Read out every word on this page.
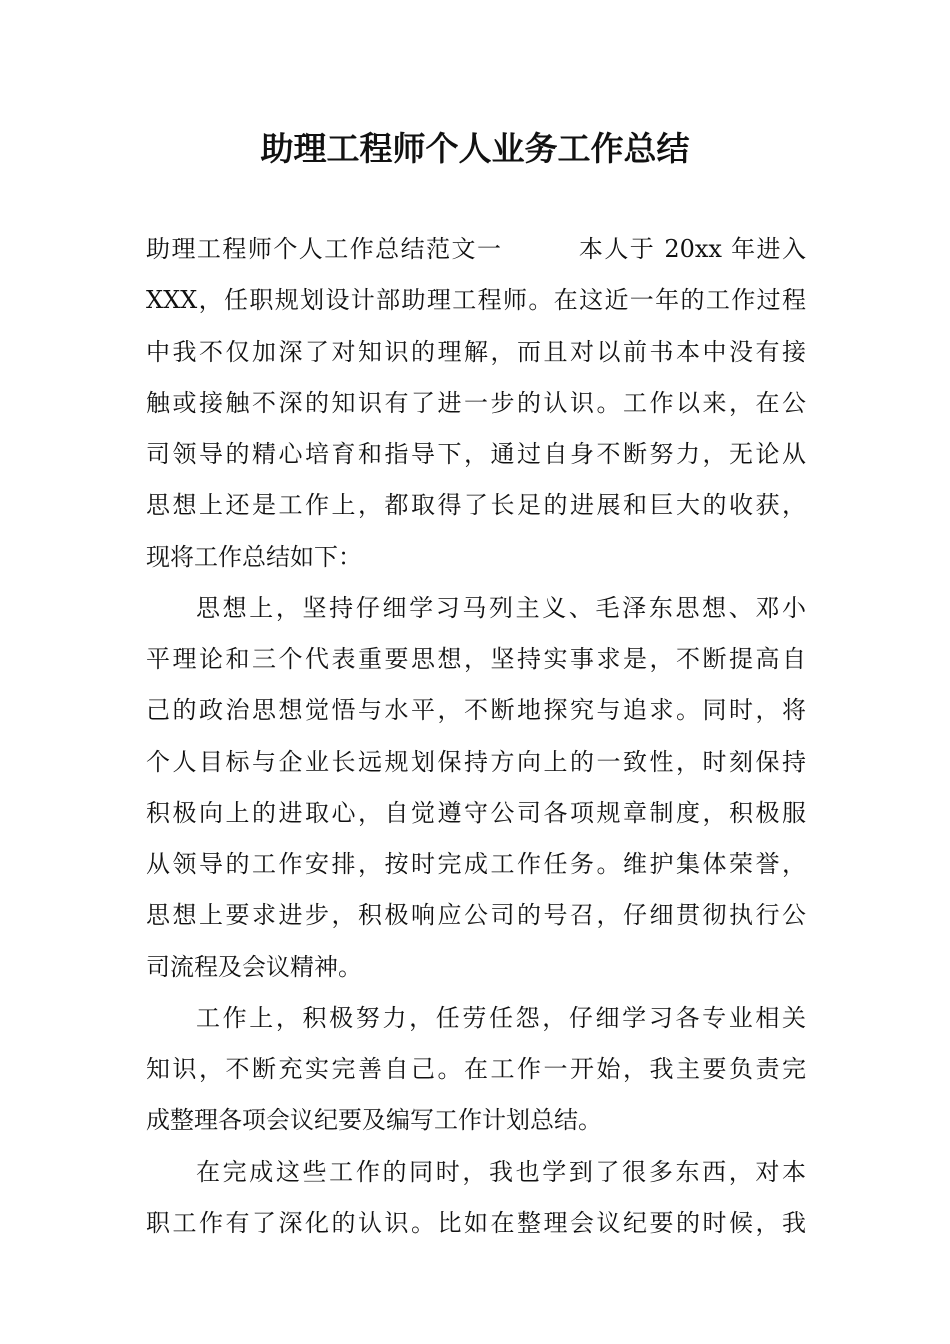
助理工程师个人业务工作总结
助理工程师个人工作总结范文一　　　本人于 20xx 年进入
XXX，任职规划设计部助理工程师。在这近一年的工作过程
中我不仅加深了对知识的理解，而且对以前书本中没有接
触或接触不深的知识有了进一步的认识。工作以来，在公
司领导的精心培育和指导下，通过自身不断努力，无论从
思想上还是工作上，都取得了长足的进展和巨大的收获，
现将工作总结如下：
思想上，坚持仔细学习马列主义、毛泽东思想、邓小
平理论和三个代表重要思想，坚持实事求是，不断提高自
己的政治思想觉悟与水平，不断地探究与追求。同时，将
个人目标与企业长远规划保持方向上的一致性，时刻保持
积极向上的进取心，自觉遵守公司各项规章制度，积极服
从领导的工作安排，按时完成工作任务。维护集体荣誉，
思想上要求进步，积极响应公司的号召，仔细贯彻执行公
司流程及会议精神。
工作上，积极努力，任劳任怨，仔细学习各专业相关
知识，不断充实完善自己。在工作一开始，我主要负责完
成整理各项会议纪要及编写工作计划总结。
在完成这些工作的同时，我也学到了很多东西，对本
职工作有了深化的认识。比如在整理会议纪要的时候，我
